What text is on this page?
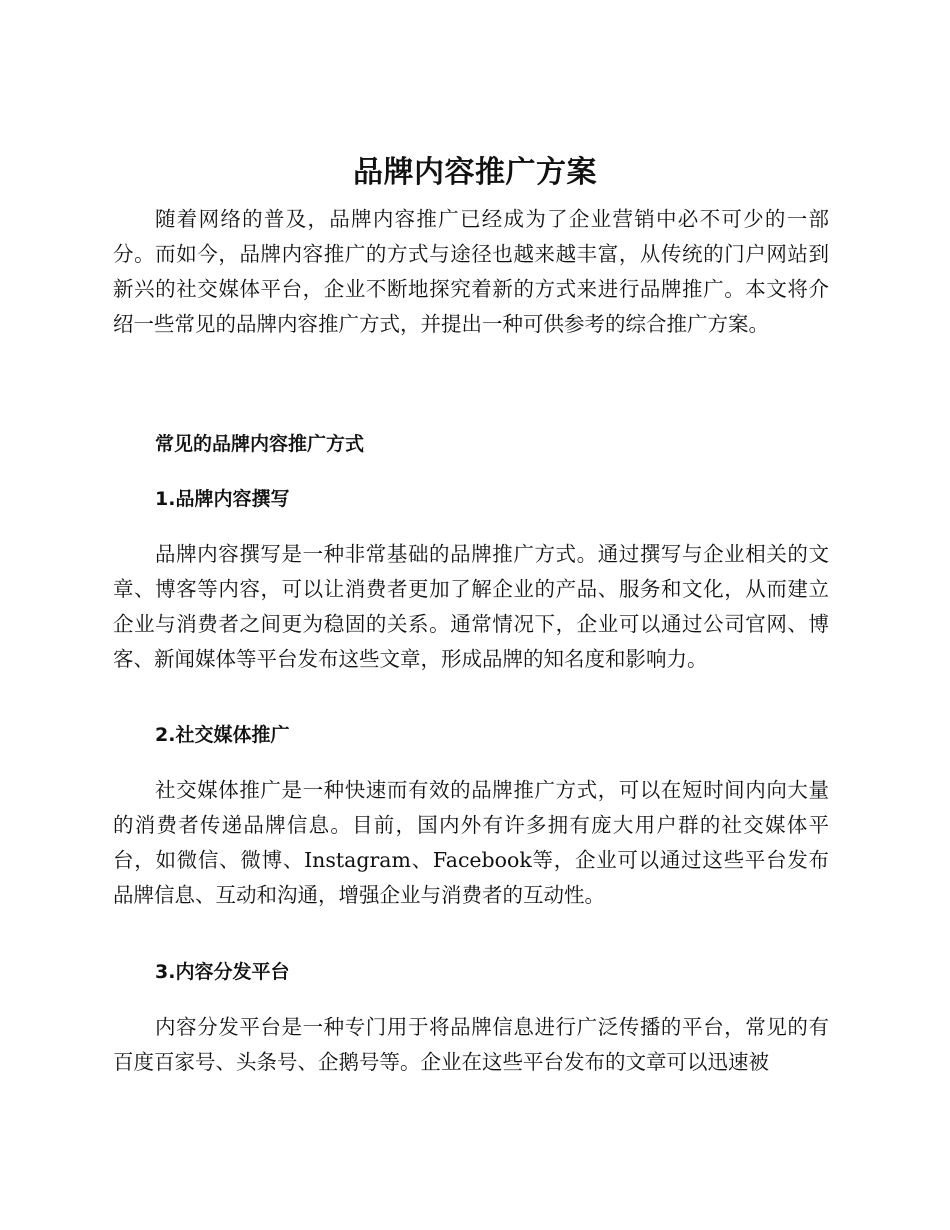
品牌内容推广方案

随着网络的普及，品牌内容推广已经成为了企业营销中必不可少的一部分。而如今，品牌内容推广的方式与途径也越来越丰富，从传统的门户网站到新兴的社交媒体平台，企业不断地探究着新的方式来进行品牌推广。本文将介绍一些常见的品牌内容推广方式，并提出一种可供参考的综合推广方案。

常见的品牌内容推广方式
1.品牌内容撰写

品牌内容撰写是一种非常基础的品牌推广方式。通过撰写与企业相关的文章、博客等内容，可以让消费者更加了解企业的产品、服务和文化，从而建立企业与消费者之间更为稳固的关系。通常情况下，企业可以通过公司官网、博客、新闻媒体等平台发布这些文章，形成品牌的知名度和影响力。

2.社交媒体推广

社交媒体推广是一种快速而有效的品牌推广方式，可以在短时间内向大量的消费者传递品牌信息。目前，国内外有许多拥有庞大用户群的社交媒体平台，如微信、微博、Instagram、Facebook等，企业可以通过这些平台发布品牌信息、互动和沟通，增强企业与消费者的互动性。

3.内容分发平台

内容分发平台是一种专门用于将品牌信息进行广泛传播的平台，常见的有百度百家号、头条号、企鹅号等。企业在这些平台发布的文章可以迅速被
